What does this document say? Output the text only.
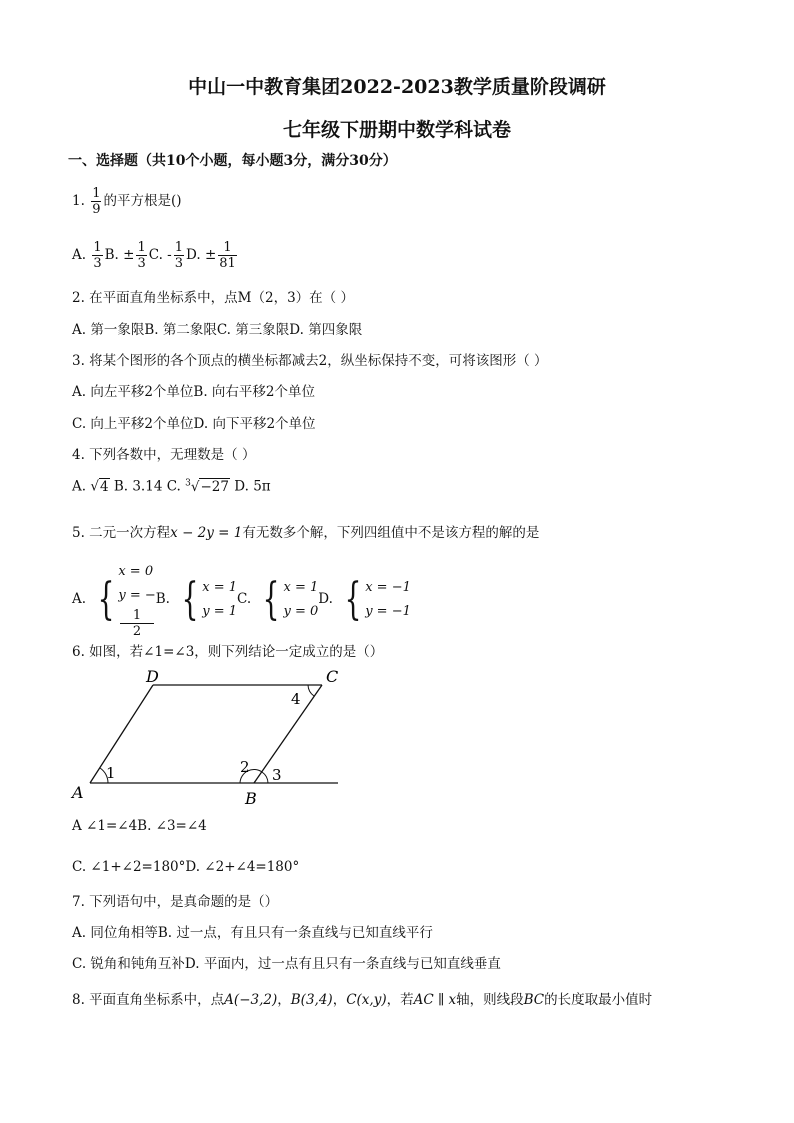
中山一中教育集团2022-2023教学质量阶段调研
七年级下册期中数学科试卷
一、选择题（共10个小题，每小题3分，满分30分）
1. $\frac{1}{9}$ 的平方根是()
A. $\frac{1}{3} B$. ± $\frac{1}{3} C$. - $\frac{1}{3} D$. ± $\frac{1}{81}$
2. 在平面直角坐标系中，点M（2，3）在（ ）
A. 第一象限B. 第二象限C. 第三象限D. 第四象限
3. 将某个图形的各个顶点的横坐标都减去2，纵坐标保持不变，可将该图形（ ）
A. 向左平移2个单位B. 向右平移2个单位
C. 向上平移2个单位D. 向下平移2个单位
4. 下列各数中，无理数是（ ）
A. √4 B. 3.14 C. $^3$√−27 D. 5π
5. 二元一次方程x − 2y = 1有无数多个解，下列四组值中不是该方程的解的是
A. {
x = 0
y = −
1
2
B. { x = 1
y = 1
C. { x = 1
y = 0
D. { x = −1
y = −1
6. 如图，若∠1=∠3，则下列结论一定成立的是（）
A	B
C
D
1	2 3
4
A ∠1=∠4B. ∠3=∠4
C. ∠1+∠2=180°D. ∠2+∠4=180°
7. 下列语句中，是真命题的是（）
A. 同位角相等B. 过一点，有且只有一条直线与已知直线平行
C. 锐角和钝角互补D. 平面内，过一点有且只有一条直线与已知直线垂直
8. 平面直角坐标系中，点A(−3,2)，B(3,4)，C(x,y)，若AC ∥ x轴，则线段BC的长度取最小值时
